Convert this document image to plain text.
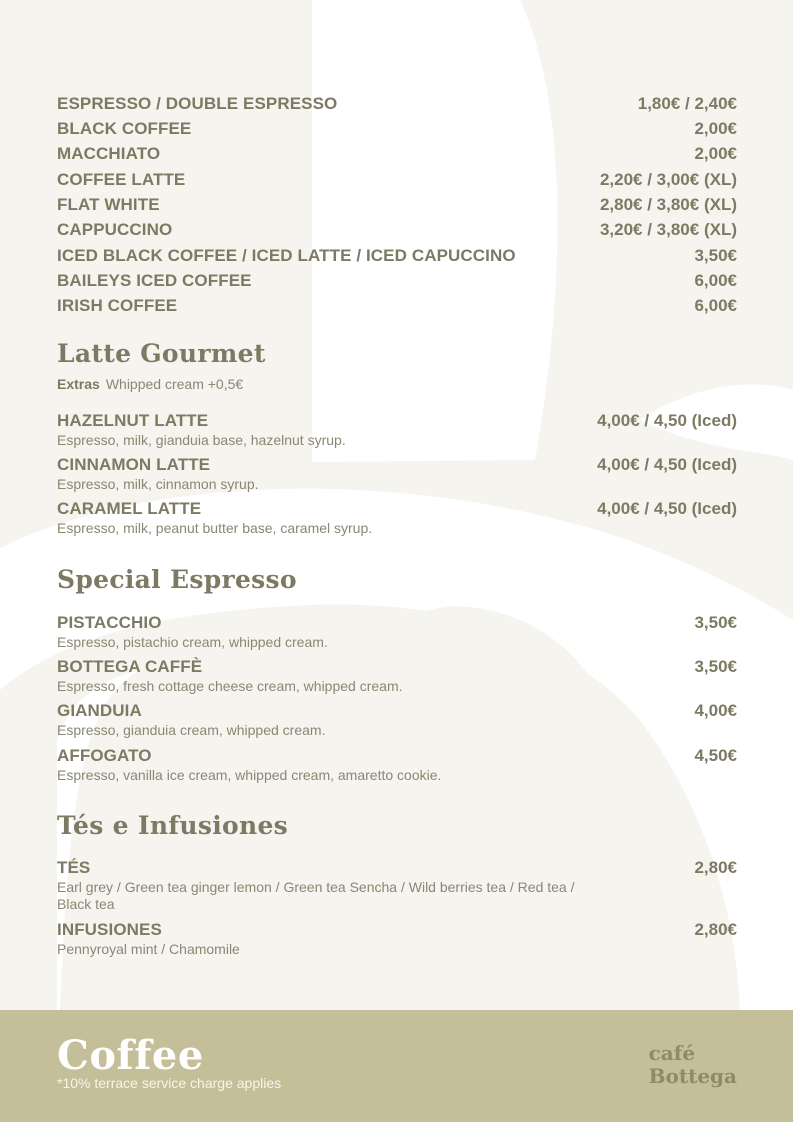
ESPRESSO / DOUBLE ESPRESSO	1,80€ / 2,40€
BLACK COFFEE	2,00€
MACCHIATO	2,00€
COFFEE LATTE	2,20€ / 3,00€ (XL)
FLAT WHITE	2,80€ / 3,80€ (XL)
CAPPUCCINO	3,20€ / 3,80€ (XL)
ICED BLACK COFFEE / ICED LATTE / ICED CAPUCCINO	3,50€
BAILEYS ICED COFFEE	6,00€
IRISH COFFEE	6,00€
Latte Gourmet
Extras Whipped cream +0,5€
HAZELNUT LATTE	4,00€ / 4,50 (Iced)
Espresso, milk, gianduia base, hazelnut syrup.
CINNAMON LATTE	4,00€ / 4,50 (Iced)
Espresso, milk, cinnamon syrup.
CARAMEL LATTE	4,00€ / 4,50 (Iced)
Espresso, milk, peanut butter base, caramel syrup.
Special Espresso
PISTACCHIO	3,50€
Espresso, pistachio cream, whipped cream.
BOTTEGA CAFFÈ	3,50€
Espresso, fresh cottage cheese cream, whipped cream.
GIANDUIA	4,00€
Espresso, gianduia cream, whipped cream.
AFFOGATO	4,50€
Espresso, vanilla ice cream, whipped cream, amaretto cookie.
Tés e Infusiones
TÉS	2,80€
Earl grey / Green tea ginger lemon / Green tea Sencha / Wild berries tea / Red tea / Black tea
INFUSIONES	2,80€
Pennyroyal mint / Chamomile
Coffee
*10% terrace service charge applies
café
Bottega
